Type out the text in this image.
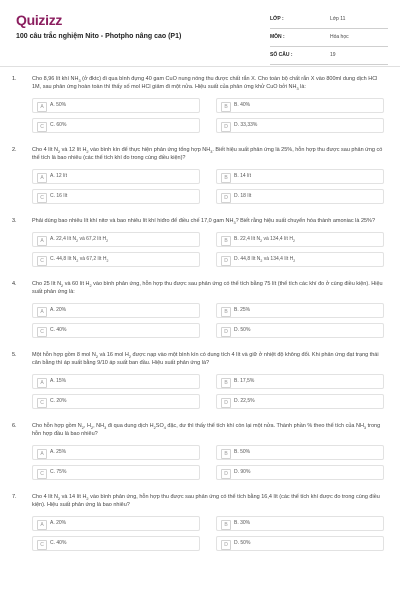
Quizizz
100 câu trắc nghiệm Nito - Photpho nâng cao (P1)
LỚP :	Lớp 11
MÔN :	Hóa học
SỐ CÂU :	19
1.	Cho 8,96 lít khí $NH_3$ (ở đktc) đi qua bình đựng 40 gam CuO nung nóng thu được chất rắn X. Cho toàn bộ chất rắn X vào 800ml dung dịch HCl 1M, sau phản ứng hoàn toàn thì thấy số mol HCl giảm đi một nửa. Hiệu suất của phản ứng khử CuO bởi $NH_3$ là:
A	A. 50%	B	B. 40%
C	C. 60%	D	D. 33,33%
2.	Cho 4 lít $N_2$ và 12 lít $H_2$ vào bình kín để thực hiện phản ứng tổng hợp $NH_3$. Biết hiệu suất phản ứng là 25%, hỗn hợp thu được sau phản ứng có thể tích là bao nhiêu (các thể tích khí đo trong cùng điều kiện)?
A	A. 12 lít	B	B. 14 lít
C	C. 16 lít	D	D. 18 lít
3.	Phải dùng bao nhiêu lít khí nitơ và bao nhiêu lít khí hiđro để điều chế 17,0 gam $NH_3$? Biết rằng hiệu suất chuyển hóa thành amoniac là 25%?
A	A. 22,4 lít $N_2$ và 67,2 lít $H_2$	B	B. 22,4 lít $N_2$ và 134,4 lít $H_2$
C	C. 44,8 lít $N_2$ và 67,2 lít $H_2$	D	D. 44,8 lít $N_2$ và 134,4 lít $H_2$
4.	Cho 25 lít $N_2$ và 60 lít $H_2$ vào bình phản ứng, hỗn hợp thu được sau phản ứng có thể tích bằng 75 lít (thể tích các khí đo ở cùng điều kiện). Hiệu suất phản ứng là:
A	A. 20%	B	B. 25%
C	C. 40%	D	D. 50%
5.	Một hỗn hợp gồm 8 mol $N_2$ và 16 mol $H_2$ được nạp vào một bình kín có dung tích 4 lít và giữ ở nhiệt độ không đổi. Khi phản ứng đạt trạng thái cân bằng thì áp suất bằng 9/10 áp suất ban đầu. Hiệu suất phản ứng là?
A	A. 15%	B	B. 17,5%
C	C. 20%	D	D. 22,5%
6.	Cho hỗn hợp gồm $N_2$, $H_2$, $NH_3$ đi qua dung dịch $H_2SO_4$ đặc, dư thì thấy thể tích khí còn lại một nửa. Thành phần % theo thể tích của $NH_3$ trong hỗn hợp đầu là bao nhiêu?
A	A. 25%	B	B. 50%
C	C. 75%	D	D. 90%
7.	Cho 4 lít $N_2$ và 14 lít $H_2$ vào bình phản ứng, hỗn hợp thu được sau phản ứng có thể tích bằng 16,4 lít (các thể tích khí được đo trong cùng điều kiện). Hiệu suất phản ứng là bao nhiêu?
A	A. 20%	B	B. 30%
C	C. 40%	D	D. 50%
